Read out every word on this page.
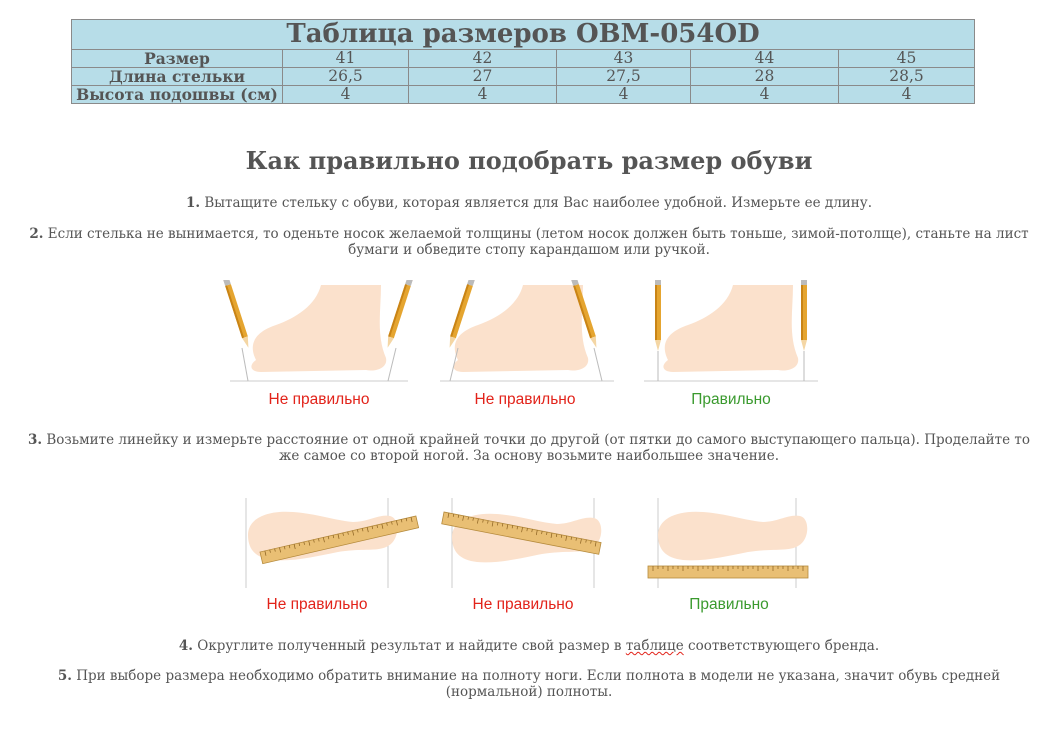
Таблица размеров OBM-054OD					
Размер	41	42	43	44	45
Длина стельки	26,5	27	27,5	28	28,5
Высота подошвы (см)	4	4	4	4	4
Как правильно подобрать размер обуви
1. Вытащите стельку с обуви, которая является для Вас наиболее удобной. Измерьте ее длину.
2. Если стелька не вынимается, то оденьте носок желаемой толщины (летом носок должен быть тоньше, зимой-потолще), станьте на лист
бумаги и обведите стопу карандашом или ручкой.
Не правильно	Не правильно	Правильно
3. Возьмите линейку и измерьте расстояние от одной крайней точки до другой (от пятки до самого выступающего пальца). Проделайте то
же самое со второй ногой. За основу возьмите наибольшее значение.
Не правильно	Не правильно	Правильно
4. Округлите полученный результат и найдите свой размер в таблице соответствующего бренда.
5. При выборе размера необходимо обратить внимание на полноту ноги. Если полнота в модели не указана, значит обувь средней
(нормальной) полноты.
